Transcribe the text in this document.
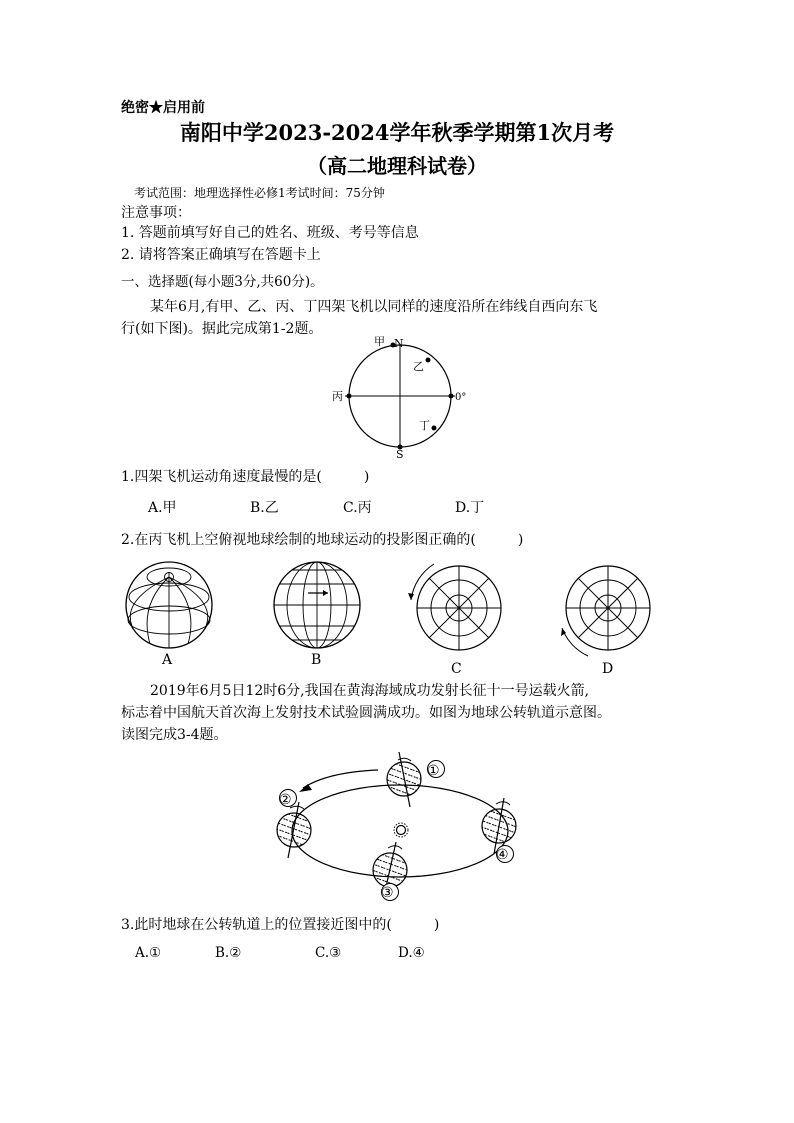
绝密★启用前
南阳中学2023-2024学年秋季学期第1次月考
（高二地理科试卷）
考试范围：地理选择性必修1考试时间：75分钟
注意事项：
1. 答题前填写好自己的姓名、班级、考号等信息
2. 请将答案正确填写在答题卡上
一、选择题(每小题3分,共60分)。
某年6月,有甲、乙、丙、丁四架飞机以同样的速度沿所在纬线自西向东飞
行(如下图)。据此完成第1-2题。
甲 N
乙
丙	0°
丁
S
1.四架飞机运动角速度最慢的是(　　　)
A.甲	B.乙	C.丙	D.丁
2.在丙飞机上空俯视地球绘制的地球运动的投影图正确的(　　　)
A	B
C	D
2019年6月5日12时6分,我国在黄海海域成功发射长征十一号运载火箭,
标志着中国航天首次海上发射技术试验圆满成功。如图为地球公转轨道示意图。
读图完成3-4题。
①
②
③
④
3.此时地球在公转轨道上的位置接近图中的(　　　)
A.①	B.②	C.③	D.④
